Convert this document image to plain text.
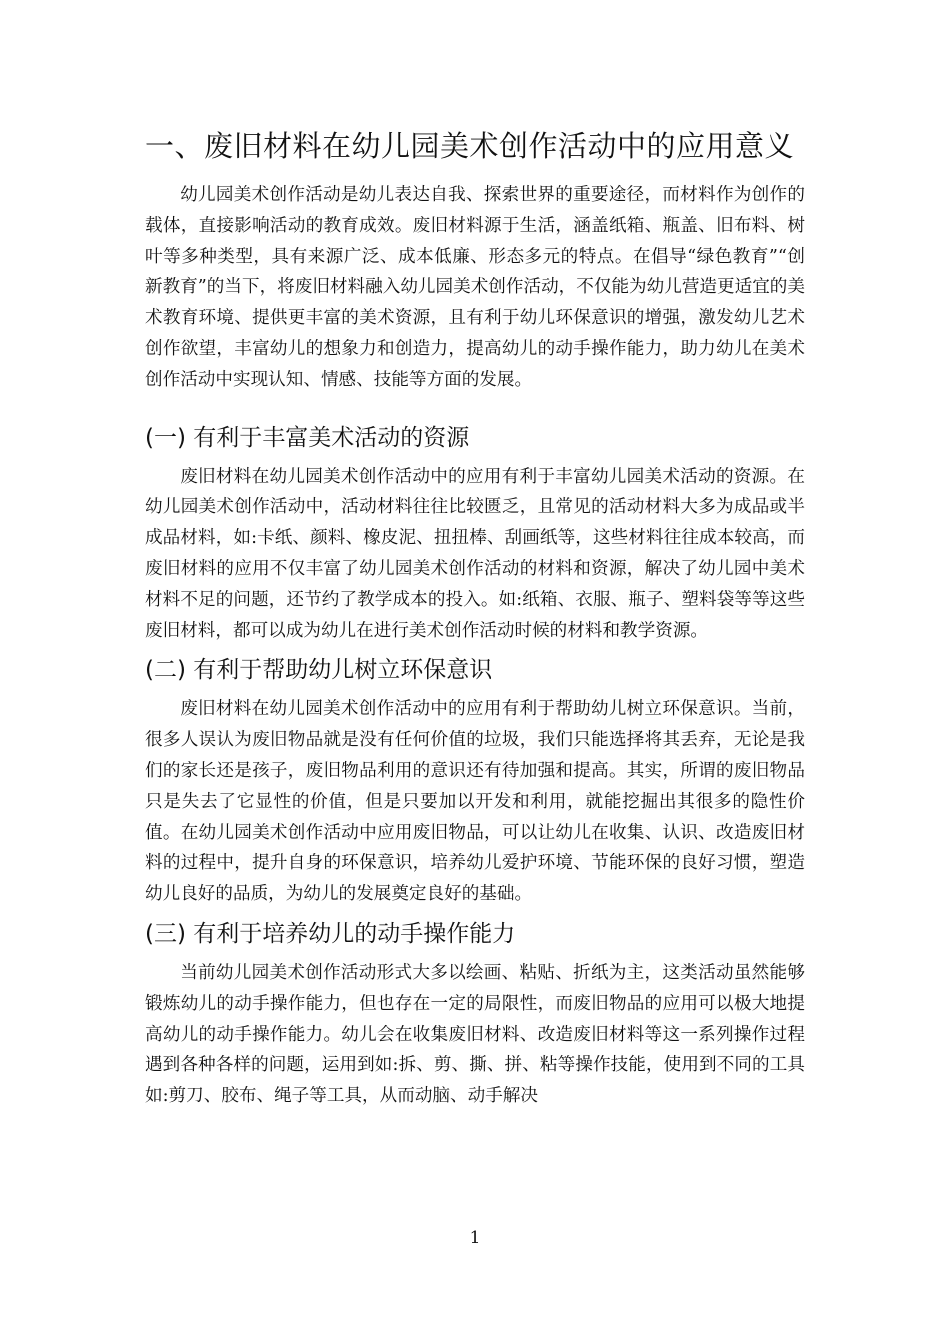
一、废旧材料在幼儿园美术创作活动中的应用意义

幼儿园美术创作活动是幼儿表达自我、探索世界的重要途径，而材料作为创作的载体，直接影响活动的教育成效。废旧材料源于生活，涵盖纸箱、瓶盖、旧布料、树叶等多种类型，具有来源广泛、成本低廉、形态多元的特点。在倡导“绿色教育”“创新教育”的当下，将废旧材料融入幼儿园美术创作活动，不仅能为幼儿营造更适宜的美术教育环境、提供更丰富的美术资源，且有利于幼儿环保意识的增强，激发幼儿艺术创作欲望，丰富幼儿的想象力和创造力，提高幼儿的动手操作能力，助力幼儿在美术创作活动中实现认知、情感、技能等方面的发展。

(一) 有利于丰富美术活动的资源

废旧材料在幼儿园美术创作活动中的应用有利于丰富幼儿园美术活动的资源。在幼儿园美术创作活动中，活动材料往往比较匮乏，且常见的活动材料大多为成品或半成品材料，如:卡纸、颜料、橡皮泥、扭扭棒、刮画纸等，这些材料往往成本较高，而废旧材料的应用不仅丰富了幼儿园美术创作活动的材料和资源，解决了幼儿园中美术材料不足的问题，还节约了教学成本的投入。如:纸箱、衣服、瓶子、塑料袋等等这些废旧材料，都可以成为幼儿在进行美术创作活动时候的材料和教学资源。

(二) 有利于帮助幼儿树立环保意识

废旧材料在幼儿园美术创作活动中的应用有利于帮助幼儿树立环保意识。当前，很多人误认为废旧物品就是没有任何价值的垃圾，我们只能选择将其丢弃，无论是我们的家长还是孩子，废旧物品利用的意识还有待加强和提高。其实，所谓的废旧物品只是失去了它显性的价值，但是只要加以开发和利用，就能挖掘出其很多的隐性价值。在幼儿园美术创作活动中应用废旧物品，可以让幼儿在收集、认识、改造废旧材料的过程中，提升自身的环保意识，培养幼儿爱护环境、节能环保的良好习惯，塑造幼儿良好的品质，为幼儿的发展奠定良好的基础。

(三) 有利于培养幼儿的动手操作能力

当前幼儿园美术创作活动形式大多以绘画、粘贴、折纸为主，这类活动虽然能够锻炼幼儿的动手操作能力，但也存在一定的局限性，而废旧物品的应用可以极大地提高幼儿的动手操作能力。幼儿会在收集废旧材料、改造废旧材料等这一系列操作过程遇到各种各样的问题，运用到如:拆、剪、撕、拼、粘等操作技能，使用到不同的工具如:剪刀、胶布、绳子等工具，从而动脑、动手解决

1
